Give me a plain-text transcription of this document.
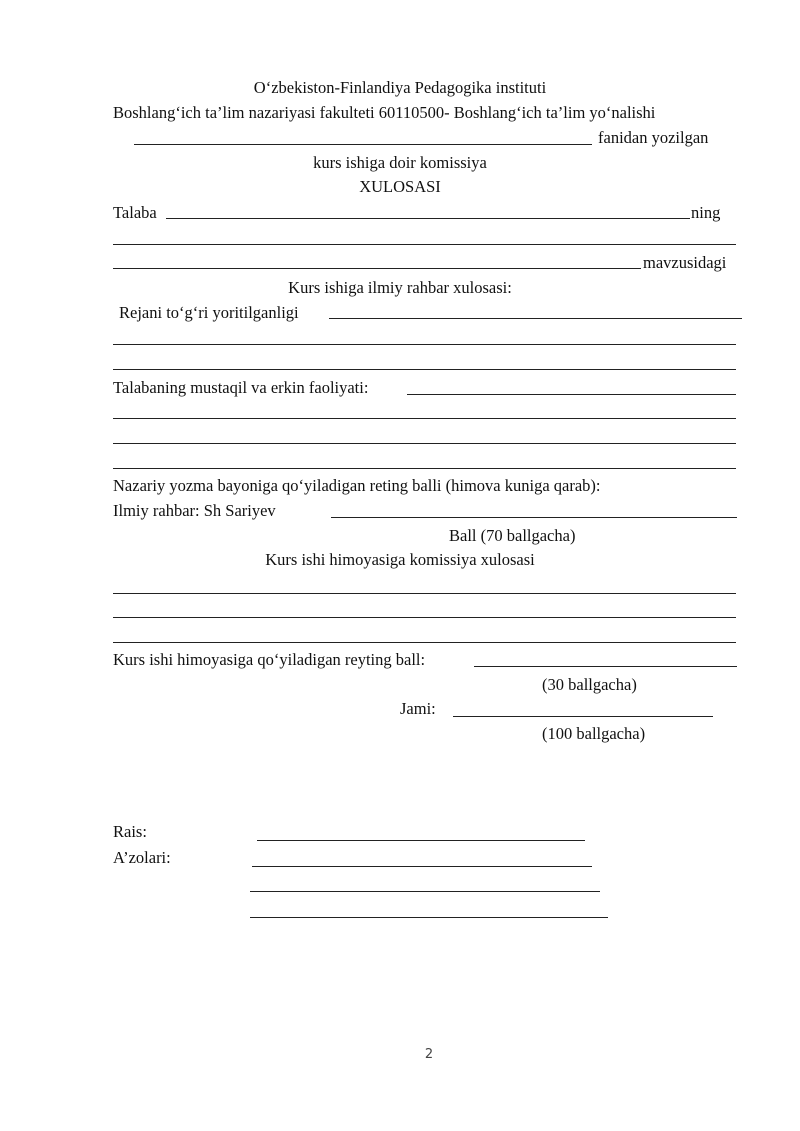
O‘zbekiston-Finlandiya Pedagogika instituti
Boshlang‘ich ta’lim nazariyasi fakulteti 60110500- Boshlang‘ich ta’lim yo‘nalishi
fanidan yozilgan
kurs ishiga doir komissiya
XULOSASI
Talaba	ning
mavzusidagi
Kurs ishiga ilmiy rahbar xulosasi:
Rejani to‘g‘ri yoritilganligi
Talabaning mustaqil va erkin faoliyati:
Nazariy yozma bayoniga qo‘yiladigan reting balli (himova kuniga qarab):
Ilmiy rahbar: Sh Sariyev
Ball (70 ballgacha)
Kurs ishi himoyasiga komissiya xulosasi
Kurs ishi himoyasiga qo‘yiladigan reyting ball:
(30 ballgacha)
Jami:
(100 ballgacha)
Rais:
A’zolari:
2
